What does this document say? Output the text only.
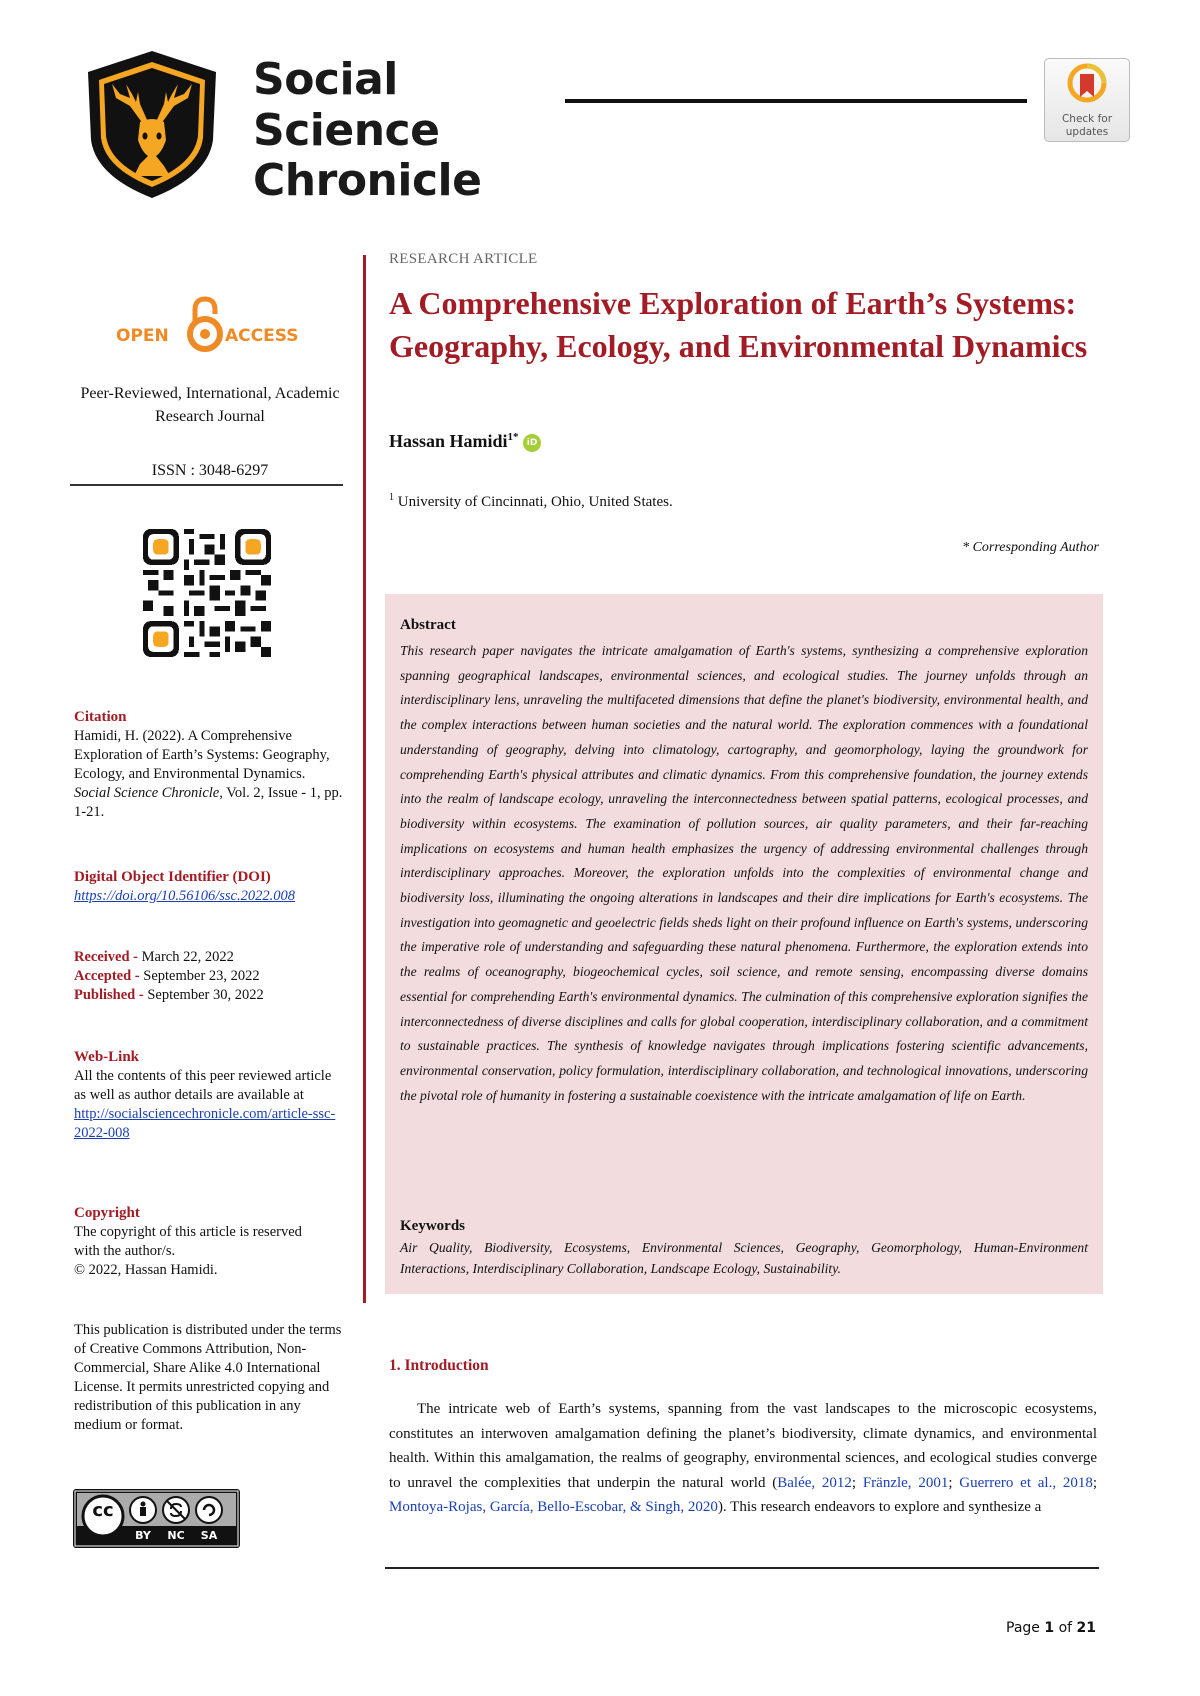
Social
Science
Chronicle
Check for
updates
OPEN	ACCESS
Peer-Reviewed, International, Academic Research Journal
ISSN : 3048-6297
Citation
Hamidi, H. (2022). A Comprehensive Exploration of Earth’s Systems: Geography, Ecology, and Environmental Dynamics. Social Science Chronicle, Vol. 2, Issue - 1, pp. 1-21.
Digital Object Identifier (DOI)
https://doi.org/10.56106/ssc.2022.008
Received - March 22, 2022
Accepted - September 23, 2022
Published - September 30, 2022
Web-Link
All the contents of this peer reviewed article as well as author details are available at
http://socialsciencechronicle.com/article-ssc-2022-008
Copyright
The copyright of this article is reserved with the author/s.
© 2022, Hassan Hamidi.
This publication is distributed under the terms of Creative Commons Attribution, Non-Commercial, Share Alike 4.0 International License. It permits unrestricted copying and redistribution of this publication in any medium or format.
cc
BY	NC	SA
RESEARCH ARTICLE
A Comprehensive Exploration of Earth’s Systems: Geography, Ecology, and Environmental Dynamics
Hassan Hamidi$^{1*}$ iD
$^1$ University of Cincinnati, Ohio, United States.
* Corresponding Author
Abstract
This research paper navigates the intricate amalgamation of Earth's systems, synthesizing a comprehensive exploration spanning geographical landscapes, environmental sciences, and ecological studies. The journey unfolds through an interdisciplinary lens, unraveling the multifaceted dimensions that define the planet's biodiversity, environmental health, and the complex interactions between human societies and the natural world. The exploration commences with a foundational understanding of geography, delving into climatology, cartography, and geomorphology, laying the groundwork for comprehending Earth's physical attributes and climatic dynamics. From this comprehensive foundation, the journey extends into the realm of landscape ecology, unraveling the interconnectedness between spatial patterns, ecological processes, and biodiversity within ecosystems. The examination of pollution sources, air quality parameters, and their far-reaching implications on ecosystems and human health emphasizes the urgency of addressing environmental challenges through interdisciplinary approaches. Moreover, the exploration unfolds into the complexities of environmental change and biodiversity loss, illuminating the ongoing alterations in landscapes and their dire implications for Earth's ecosystems. The investigation into geomagnetic and geoelectric fields sheds light on their profound influence on Earth's systems, underscoring the imperative role of understanding and safeguarding these natural phenomena. Furthermore, the exploration extends into the realms of oceanography, biogeochemical cycles, soil science, and remote sensing, encompassing diverse domains essential for comprehending Earth's environmental dynamics. The culmination of this comprehensive exploration signifies the interconnectedness of diverse disciplines and calls for global cooperation, interdisciplinary collaboration, and a commitment to sustainable practices. The synthesis of knowledge navigates through implications fostering scientific advancements, environmental conservation, policy formulation, interdisciplinary collaboration, and technological innovations, underscoring the pivotal role of humanity in fostering a sustainable coexistence with the intricate amalgamation of life on Earth.
Keywords
Air Quality, Biodiversity, Ecosystems, Environmental Sciences, Geography, Geomorphology, Human-Environment Interactions, Interdisciplinary Collaboration, Landscape Ecology, Sustainability.
1. Introduction
The intricate web of Earth’s systems, spanning from the vast landscapes to the microscopic ecosystems, constitutes an interwoven amalgamation defining the planet’s biodiversity, climate dynamics, and environmental health. Within this amalgamation, the realms of geography, environmental sciences, and ecological studies converge to unravel the complexities that underpin the natural world (Balée, 2012; Fränzle, 2001; Guerrero et al., 2018; Montoya-Rojas, García, Bello-Escobar, & Singh, 2020). This research endeavors to explore and synthesize a
Page 1 of 21
